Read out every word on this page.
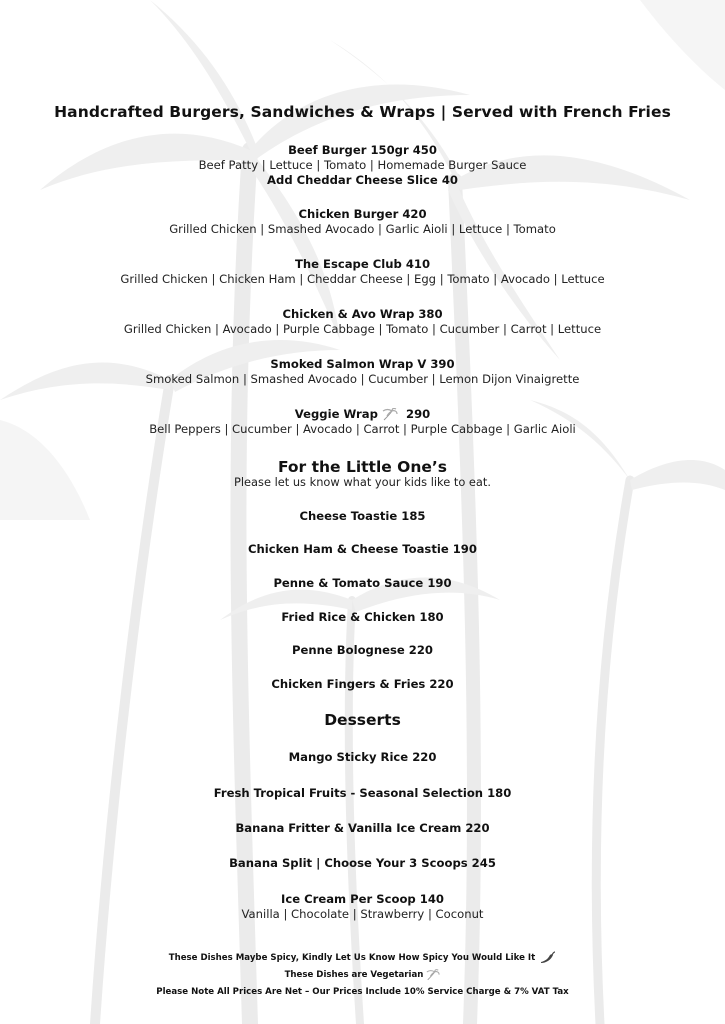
Handcrafted Burgers, Sandwiches & Wraps | Served with French Fries
Beef Burger 150gr 450
Beef Patty | Lettuce | Tomato | Homemade Burger Sauce
Add Cheddar Cheese Slice 40
Chicken Burger 420
Grilled Chicken | Smashed Avocado | Garlic Aioli | Lettuce | Tomato
The Escape Club 410
Grilled Chicken | Chicken Ham | Cheddar Cheese | Egg | Tomato | Avocado | Lettuce
Chicken & Avo Wrap 380
Grilled Chicken | Avocado | Purple Cabbage | Tomato | Cucumber | Carrot | Lettuce
Smoked Salmon Wrap V 390
Smoked Salmon | Smashed Avocado | Cucumber | Lemon Dijon Vinaigrette
Veggie Wrap 290
Bell Peppers | Cucumber | Avocado | Carrot | Purple Cabbage | Garlic Aioli
For the Little One’s
Please let us know what your kids like to eat.
Cheese Toastie 185
Chicken Ham & Cheese Toastie 190
Penne & Tomato Sauce 190
Fried Rice & Chicken 180
Penne Bolognese 220
Chicken Fingers & Fries 220
Desserts
Mango Sticky Rice 220
Fresh Tropical Fruits - Seasonal Selection 180
Banana Fritter & Vanilla Ice Cream 220
Banana Split | Choose Your 3 Scoops 245
Ice Cream Per Scoop 140
Vanilla | Chocolate | Strawberry | Coconut
These Dishes Maybe Spicy, Kindly Let Us Know How Spicy You Would Like It
These Dishes are Vegetarian
Please Note All Prices Are Net – Our Prices Include 10% Service Charge & 7% VAT Tax
